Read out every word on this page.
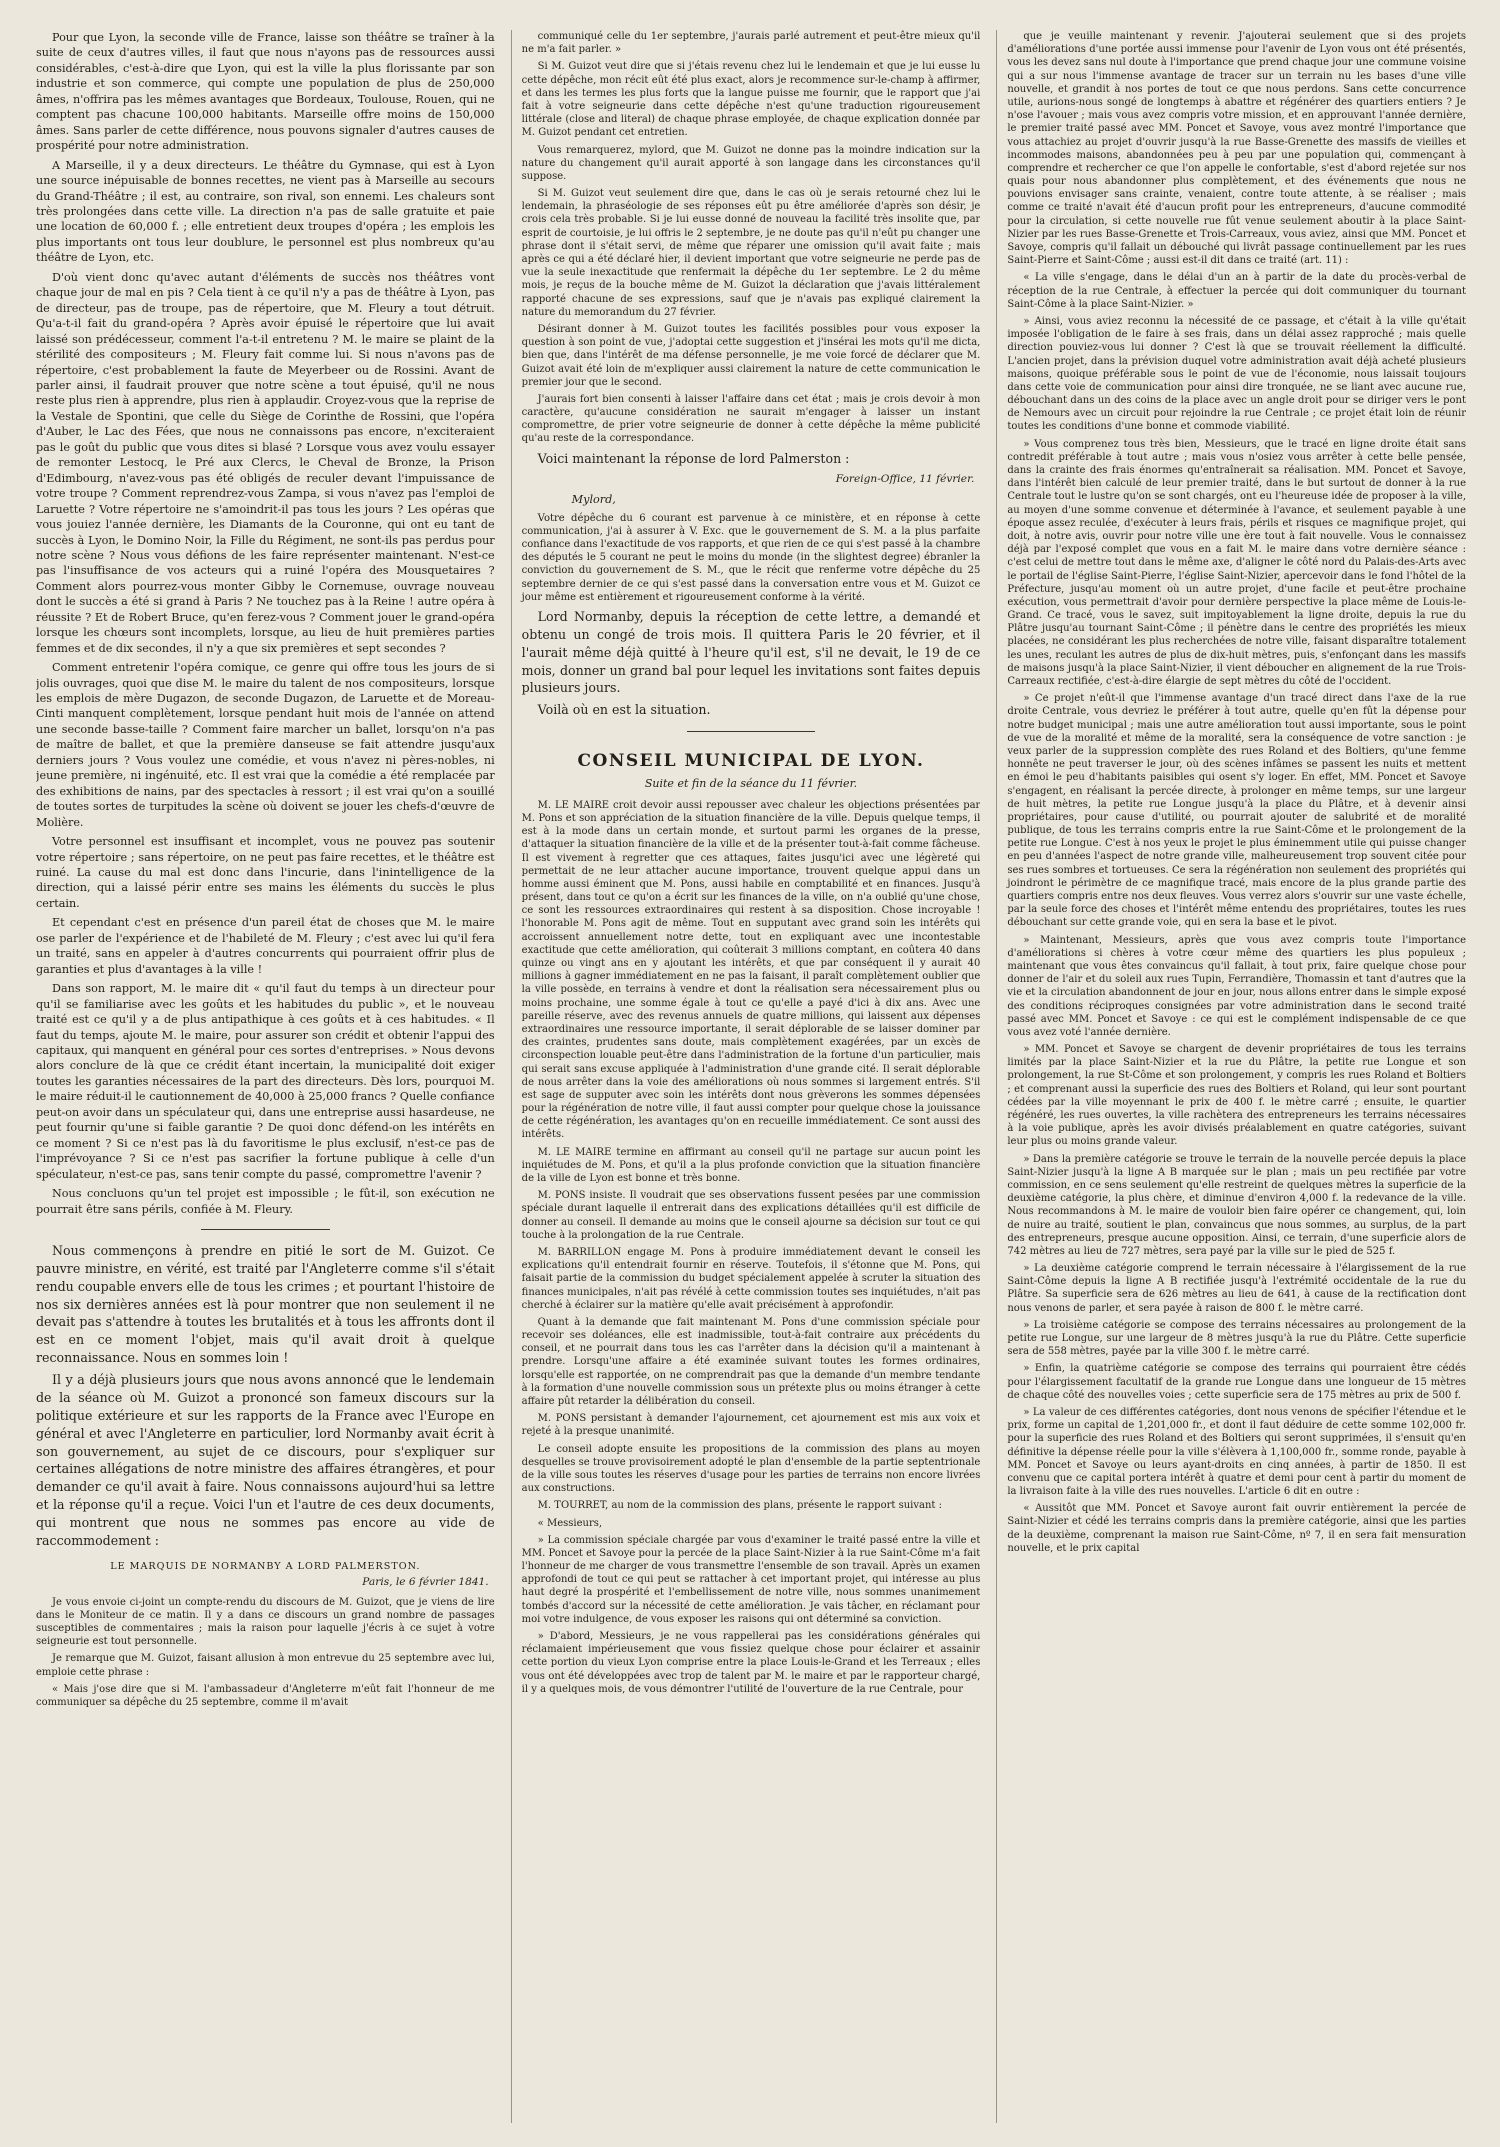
Pour que Lyon, la seconde ville de France, laisse son théâtre se traîner à la suite de ceux d'autres villes, il faut que nous n'ayons pas de ressources aussi considérables, c'est-à-dire que Lyon, qui est la ville la plus florissante par son industrie et son commerce, qui compte une population de plus de 250,000 âmes, n'offrira pas les mêmes avantages que Bordeaux, Toulouse, Rouen, qui ne comptent pas chacune 100,000 habitants. Marseille offre moins de 150,000 âmes. Sans parler de cette différence, nous pouvons signaler d'autres causes de prospérité pour notre administration.

A Marseille, il y a deux directeurs. Le théâtre du Gymnase, qui est à Lyon une source inépuisable de bonnes recettes, ne vient pas à Marseille au secours du Grand-Théâtre ; il est, au contraire, son rival, son ennemi. Les chaleurs sont très prolongées dans cette ville. La direction n'a pas de salle gratuite et paie une location de 60,000 f. ; elle entretient deux troupes d'opéra ; les emplois les plus importants ont tous leur doublure, le personnel est plus nombreux qu'au théâtre de Lyon, etc.

D'où vient donc qu'avec autant d'éléments de succès nos théâtres vont chaque jour de mal en pis ? Cela tient à ce qu'il n'y a pas de théâtre à Lyon, pas de directeur, pas de troupe, pas de répertoire, que M. Fleury a tout détruit. Qu'a-t-il fait du grand-opéra ? Après avoir épuisé le répertoire que lui avait laissé son prédécesseur, comment l'a-t-il entretenu ? M. le maire se plaint de la stérilité des compositeurs ; M. Fleury fait comme lui. Si nous n'avons pas de répertoire, c'est probablement la faute de Meyerbeer ou de Rossini. Avant de parler ainsi, il faudrait prouver que notre scène a tout épuisé, qu'il ne nous reste plus rien à apprendre, plus rien à applaudir. Croyez-vous que la reprise de la Vestale de Spontini, que celle du Siège de Corinthe de Rossini, que l'opéra d'Auber, le Lac des Fées, que nous ne connaissons pas encore, n'exciteraient pas le goût du public que vous dites si blasé ? Lorsque vous avez voulu essayer de remonter Lestocq, le Pré aux Clercs, le Cheval de Bronze, la Prison d'Edimbourg, n'avez-vous pas été obligés de reculer devant l'impuissance de votre troupe ? Comment reprendrez-vous Zampa, si vous n'avez pas l'emploi de Laruette ? Votre répertoire ne s'amoindrit-il pas tous les jours ? Les opéras que vous jouiez l'année dernière, les Diamants de la Couronne, qui ont eu tant de succès à Lyon, le Domino Noir, la Fille du Régiment, ne sont-ils pas perdus pour notre scène ? Nous vous défions de les faire représenter maintenant. N'est-ce pas l'insuffisance de vos acteurs qui a ruiné l'opéra des Mousquetaires ? Comment alors pourrez-vous monter Gibby le Cornemuse, ouvrage nouveau dont le succès a été si grand à Paris ? Ne touchez pas à la Reine ! autre opéra à réussite ? Et de Robert Bruce, qu'en ferez-vous ? Comment jouer le grand-opéra lorsque les chœurs sont incomplets, lorsque, au lieu de huit premières parties femmes et de dix secondes, il n'y a que six premières et sept secondes ?

Comment entretenir l'opéra comique, ce genre qui offre tous les jours de si jolis ouvrages, quoi que dise M. le maire du talent de nos compositeurs, lorsque les emplois de mère Dugazon, de seconde Dugazon, de Laruette et de Moreau-Cinti manquent complètement, lorsque pendant huit mois de l'année on attend une seconde basse-taille ? Comment faire marcher un ballet, lorsqu'on n'a pas de maître de ballet, et que la première danseuse se fait attendre jusqu'aux derniers jours ? Vous voulez une comédie, et vous n'avez ni pères-nobles, ni jeune première, ni ingénuité, etc. Il est vrai que la comédie a été remplacée par des exhibitions de nains, par des spectacles à ressort ; il est vrai qu'on a souillé de toutes sortes de turpitudes la scène où doivent se jouer les chefs-d'œuvre de Molière.

Votre personnel est insuffisant et incomplet, vous ne pouvez pas soutenir votre répertoire ; sans répertoire, on ne peut pas faire recettes, et le théâtre est ruiné. La cause du mal est donc dans l'incurie, dans l'inintelligence de la direction, qui a laissé périr entre ses mains les éléments du succès le plus certain.

Et cependant c'est en présence d'un pareil état de choses que M. le maire ose parler de l'expérience et de l'habileté de M. Fleury ; c'est avec lui qu'il fera un traité, sans en appeler à d'autres concurrents qui pourraient offrir plus de garanties et plus d'avantages à la ville !

Dans son rapport, M. le maire dit « qu'il faut du temps à un directeur pour qu'il se familiarise avec les goûts et les habitudes du public », et le nouveau traité est ce qu'il y a de plus antipathique à ces goûts et à ces habitudes. « Il faut du temps, ajoute M. le maire, pour assurer son crédit et obtenir l'appui des capitaux, qui manquent en général pour ces sortes d'entreprises. » Nous devons alors conclure de là que ce crédit étant incertain, la municipalité doit exiger toutes les garanties nécessaires de la part des directeurs. Dès lors, pourquoi M. le maire réduit-il le cautionnement de 40,000 à 25,000 francs ? Quelle confiance peut-on avoir dans un spéculateur qui, dans une entreprise aussi hasardeuse, ne peut fournir qu'une si faible garantie ? De quoi donc défend-on les intérêts en ce moment ? Si ce n'est pas là du favoritisme le plus exclusif, n'est-ce pas de l'imprévoyance ? Si ce n'est pas sacrifier la fortune publique à celle d'un spéculateur, n'est-ce pas, sans tenir compte du passé, compromettre l'avenir ?

Nous concluons qu'un tel projet est impossible ; le fût-il, son exécution ne pourrait être sans périls, confiée à M. Fleury.

Nous commençons à prendre en pitié le sort de M. Guizot. Ce pauvre ministre, en vérité, est traité par l'Angleterre comme s'il s'était rendu coupable envers elle de tous les crimes ; et pourtant l'histoire de nos six dernières années est là pour montrer que non seulement il ne devait pas s'attendre à toutes les brutalités et à tous les affronts dont il est en ce moment l'objet, mais qu'il avait droit à quelque reconnaissance. Nous en sommes loin !

Il y a déjà plusieurs jours que nous avons annoncé que le lendemain de la séance où M. Guizot a prononcé son fameux discours sur la politique extérieure et sur les rapports de la France avec l'Europe en général et avec l'Angleterre en particulier, lord Normanby avait écrit à son gouvernement, au sujet de ce discours, pour s'expliquer sur certaines allégations de notre ministre des affaires étrangères, et pour demander ce qu'il avait à faire. Nous connaissons aujourd'hui sa lettre et la réponse qu'il a reçue. Voici l'un et l'autre de ces deux documents, qui montrent que nous ne sommes pas encore au vide de raccommodement :

LE MARQUIS DE NORMANBY A LORD PALMERSTON.
Paris, le 6 février 1841.

Je vous envoie ci-joint un compte-rendu du discours de M. Guizot, que je viens de lire dans le Moniteur de ce matin. Il y a dans ce discours un grand nombre de passages susceptibles de commentaires ; mais la raison pour laquelle j'écris à ce sujet à votre seigneurie est tout personnelle.

Je remarque que M. Guizot, faisant allusion à mon entrevue du 25 septembre avec lui, emploie cette phrase :

« Mais j'ose dire que si M. l'ambassadeur d'Angleterre m'eût fait l'honneur de me communiquer sa dépêche du 25 septembre, comme il m'avait

communiqué celle du 1er septembre, j'aurais parlé autrement et peut-être mieux qu'il ne m'a fait parler. »

Si M. Guizot veut dire que si j'étais revenu chez lui le lendemain et que je lui eusse lu cette dépêche, mon récit eût été plus exact, alors je recommence sur-le-champ à affirmer, et dans les termes les plus forts que la langue puisse me fournir, que le rapport que j'ai fait à votre seigneurie dans cette dépêche n'est qu'une traduction rigoureusement littérale (close and literal) de chaque phrase employée, de chaque explication donnée par M. Guizot pendant cet entretien.

Vous remarquerez, mylord, que M. Guizot ne donne pas la moindre indication sur la nature du changement qu'il aurait apporté à son langage dans les circonstances qu'il suppose.

Si M. Guizot veut seulement dire que, dans le cas où je serais retourné chez lui le lendemain, la phraséologie de ses réponses eût pu être améliorée d'après son désir, je crois cela très probable. Si je lui eusse donné de nouveau la facilité très insolite que, par esprit de courtoisie, je lui offris le 2 septembre, je ne doute pas qu'il n'eût pu changer une phrase dont il s'était servi, de même que réparer une omission qu'il avait faite ; mais après ce qui a été déclaré hier, il devient important que votre seigneurie ne perde pas de vue la seule inexactitude que renfermait la dépêche du 1er septembre. Le 2 du même mois, je reçus de la bouche même de M. Guizot la déclaration que j'avais littéralement rapporté chacune de ses expressions, sauf que je n'avais pas expliqué clairement la nature du memorandum du 27 février.

Désirant donner à M. Guizot toutes les facilités possibles pour vous exposer la question à son point de vue, j'adoptai cette suggestion et j'insérai les mots qu'il me dicta, bien que, dans l'intérêt de ma défense personnelle, je me voie forcé de déclarer que M. Guizot avait été loin de m'expliquer aussi clairement la nature de cette communication le premier jour que le second.

J'aurais fort bien consenti à laisser l'affaire dans cet état ; mais je crois devoir à mon caractère, qu'aucune considération ne saurait m'engager à laisser un instant compromettre, de prier votre seigneurie de donner à cette dépêche la même publicité qu'au reste de la correspondance.

Voici maintenant la réponse de lord Palmerston :

Foreign-Office, 11 février.

Mylord,

Votre dépêche du 6 courant est parvenue à ce ministère, et en réponse à cette communication, j'ai à assurer à V. Exc. que le gouvernement de S. M. a la plus parfaite confiance dans l'exactitude de vos rapports, et que rien de ce qui s'est passé à la chambre des députés le 5 courant ne peut le moins du monde (in the slightest degree) ébranler la conviction du gouvernement de S. M., que le récit que renferme votre dépêche du 25 septembre dernier de ce qui s'est passé dans la conversation entre vous et M. Guizot ce jour même est entièrement et rigoureusement conforme à la vérité.

Lord Normanby, depuis la réception de cette lettre, a demandé et obtenu un congé de trois mois. Il quittera Paris le 20 février, et il l'aurait même déjà quitté à l'heure qu'il est, s'il ne devait, le 19 de ce mois, donner un grand bal pour lequel les invitations sont faites depuis plusieurs jours.

Voilà où en est la situation.

CONSEIL MUNICIPAL DE LYON.
Suite et fin de la séance du 11 février.

M. LE MAIRE croit devoir aussi repousser avec chaleur les objections présentées par M. Pons et son appréciation de la situation financière de la ville. Depuis quelque temps, il est à la mode dans un certain monde, et surtout parmi les organes de la presse, d'attaquer la situation financière de la ville et de la présenter tout-à-fait comme fâcheuse. Il est vivement à regretter que ces attaques, faites jusqu'ici avec une légèreté qui permettait de ne leur attacher aucune importance, trouvent quelque appui dans un homme aussi éminent que M. Pons, aussi habile en comptabilité et en finances. Jusqu'à présent, dans tout ce qu'on a écrit sur les finances de la ville, on n'a oublié qu'une chose, ce sont les ressources extraordinaires qui restent à sa disposition. Chose incroyable ! l'honorable M. Pons agit de même. Tout en supputant avec grand soin les intérêts qui accroissent annuellement notre dette, tout en expliquant avec une incontestable exactitude que cette amélioration, qui coûterait 3 millions comptant, en coûtera 40 dans quinze ou vingt ans en y ajoutant les intérêts, et que par conséquent il y aurait 40 millions à gagner immédiatement en ne pas la faisant, il paraît complètement oublier que la ville possède, en terrains à vendre et dont la réalisation sera nécessairement plus ou moins prochaine, une somme égale à tout ce qu'elle a payé d'ici à dix ans. Avec une pareille réserve, avec des revenus annuels de quatre millions, qui laissent aux dépenses extraordinaires une ressource importante, il serait déplorable de se laisser dominer par des craintes, prudentes sans doute, mais complètement exagérées, par un excès de circonspection louable peut-être dans l'administration de la fortune d'un particulier, mais qui serait sans excuse appliquée à l'administration d'une grande cité. Il serait déplorable de nous arrêter dans la voie des améliorations où nous sommes si largement entrés. S'il est sage de supputer avec soin les intérêts dont nous grèverons les sommes dépensées pour la régénération de notre ville, il faut aussi compter pour quelque chose la jouissance de cette régénération, les avantages qu'on en recueille immédiatement. Ce sont aussi des intérêts.

M. LE MAIRE termine en affirmant au conseil qu'il ne partage sur aucun point les inquiétudes de M. Pons, et qu'il a la plus profonde conviction que la situation financière de la ville de Lyon est bonne et très bonne.

M. PONS insiste. Il voudrait que ses observations fussent pesées par une commission spéciale durant laquelle il entrerait dans des explications détaillées qu'il est difficile de donner au conseil. Il demande au moins que le conseil ajourne sa décision sur tout ce qui touche à la prolongation de la rue Centrale.

M. BARRILLON engage M. Pons à produire immédiatement devant le conseil les explications qu'il entendrait fournir en réserve. Toutefois, il s'étonne que M. Pons, qui faisait partie de la commission du budget spécialement appelée à scruter la situation des finances municipales, n'ait pas révélé à cette commission toutes ses inquiétudes, n'ait pas cherché à éclairer sur la matière qu'elle avait précisément à approfondir.

Quant à la demande que fait maintenant M. Pons d'une commission spéciale pour recevoir ses doléances, elle est inadmissible, tout-à-fait contraire aux précédents du conseil, et ne pourrait dans tous les cas l'arrêter dans la décision qu'il a maintenant à prendre. Lorsqu'une affaire a été examinée suivant toutes les formes ordinaires, lorsqu'elle est rapportée, on ne comprendrait pas que la demande d'un membre tendante à la formation d'une nouvelle commission sous un prétexte plus ou moins étranger à cette affaire pût retarder la délibération du conseil.

M. PONS persistant à demander l'ajournement, cet ajournement est mis aux voix et rejeté à la presque unanimité.

Le conseil adopte ensuite les propositions de la commission des plans au moyen desquelles se trouve provisoirement adopté le plan d'ensemble de la partie septentrionale de la ville sous toutes les réserves d'usage pour les parties de terrains non encore livrées aux constructions.

M. TOURRET, au nom de la commission des plans, présente le rapport suivant :

« Messieurs,

» La commission spéciale chargée par vous d'examiner le traité passé entre la ville et MM. Poncet et Savoye pour la percée de la place Saint-Nizier à la rue Saint-Côme m'a fait l'honneur de me charger de vous transmettre l'ensemble de son travail. Après un examen approfondi de tout ce qui peut se rattacher à cet important projet, qui intéresse au plus haut degré la prospérité et l'embellissement de notre ville, nous sommes unanimement tombés d'accord sur la nécessité de cette amélioration. Je vais tâcher, en réclamant pour moi votre indulgence, de vous exposer les raisons qui ont déterminé sa conviction.

» D'abord, Messieurs, je ne vous rappellerai pas les considérations générales qui réclamaient impérieusement que vous fissiez quelque chose pour éclairer et assainir cette portion du vieux Lyon comprise entre la place Louis-le-Grand et les Terreaux ; elles vous ont été développées avec trop de talent par M. le maire et par le rapporteur chargé, il y a quelques mois, de vous démontrer l'utilité de l'ouverture de la rue Centrale, pour

que je veuille maintenant y revenir. J'ajouterai seulement que si des projets d'améliorations d'une portée aussi immense pour l'avenir de Lyon vous ont été présentés, vous les devez sans nul doute à l'importance que prend chaque jour une commune voisine qui a sur nous l'immense avantage de tracer sur un terrain nu les bases d'une ville nouvelle, et grandit à nos portes de tout ce que nous perdons. Sans cette concurrence utile, aurions-nous songé de longtemps à abattre et régénérer des quartiers entiers ? Je n'ose l'avouer ; mais vous avez compris votre mission, et en approuvant l'année dernière, le premier traité passé avec MM. Poncet et Savoye, vous avez montré l'importance que vous attachiez au projet d'ouvrir jusqu'à la rue Basse-Grenette des massifs de vieilles et incommodes maisons, abandonnées peu à peu par une population qui, commençant à comprendre et rechercher ce que l'on appelle le confortable, s'est d'abord rejetée sur nos quais pour nous abandonner plus complètement, et des événements que nous ne pouvions envisager sans crainte, venaient, contre toute attente, à se réaliser ; mais comme ce traité n'avait été d'aucun profit pour les entrepreneurs, d'aucune commodité pour la circulation, si cette nouvelle rue fût venue seulement aboutir à la place Saint-Nizier par les rues Basse-Grenette et Trois-Carreaux, vous aviez, ainsi que MM. Poncet et Savoye, compris qu'il fallait un débouché qui livrât passage continuellement par les rues Saint-Pierre et Saint-Côme ; aussi est-il dit dans ce traité (art. 11) :

« La ville s'engage, dans le délai d'un an à partir de la date du procès-verbal de réception de la rue Centrale, à effectuer la percée qui doit communiquer du tournant Saint-Côme à la place Saint-Nizier. »

» Ainsi, vous aviez reconnu la nécessité de ce passage, et c'était à la ville qu'était imposée l'obligation de le faire à ses frais, dans un délai assez rapproché ; mais quelle direction pouviez-vous lui donner ? C'est là que se trouvait réellement la difficulté. L'ancien projet, dans la prévision duquel votre administration avait déjà acheté plusieurs maisons, quoique préférable sous le point de vue de l'économie, nous laissait toujours dans cette voie de communication pour ainsi dire tronquée, ne se liant avec aucune rue, débouchant dans un des coins de la place avec un angle droit pour se diriger vers le pont de Nemours avec un circuit pour rejoindre la rue Centrale ; ce projet était loin de réunir toutes les conditions d'une bonne et commode viabilité.

» Vous comprenez tous très bien, Messieurs, que le tracé en ligne droite était sans contredit préférable à tout autre ; mais vous n'osiez vous arrêter à cette belle pensée, dans la crainte des frais énormes qu'entraînerait sa réalisation. MM. Poncet et Savoye, dans l'intérêt bien calculé de leur premier traité, dans le but surtout de donner à la rue Centrale tout le lustre qu'on se sont chargés, ont eu l'heureuse idée de proposer à la ville, au moyen d'une somme convenue et déterminée à l'avance, et seulement payable à une époque assez reculée, d'exécuter à leurs frais, périls et risques ce magnifique projet, qui doit, à notre avis, ouvrir pour notre ville une ère tout à fait nouvelle. Vous le connaissez déjà par l'exposé complet que vous en a fait M. le maire dans votre dernière séance : c'est celui de mettre tout dans le même axe, d'aligner le côté nord du Palais-des-Arts avec le portail de l'église Saint-Pierre, l'église Saint-Nizier, apercevoir dans le fond l'hôtel de la Préfecture, jusqu'au moment où un autre projet, d'une facile et peut-être prochaine exécution, vous permettrait d'avoir pour dernière perspective la place même de Louis-le-Grand. Ce tracé, vous le savez, suit impitoyablement la ligne droite, depuis la rue du Plâtre jusqu'au tournant Saint-Côme ; il pénètre dans le centre des propriétés les mieux placées, ne considérant les plus recherchées de notre ville, faisant disparaître totalement les unes, reculant les autres de plus de dix-huit mètres, puis, s'enfonçant dans les massifs de maisons jusqu'à la place Saint-Nizier, il vient déboucher en alignement de la rue Trois-Carreaux rectifiée, c'est-à-dire élargie de sept mètres du côté de l'occident.

» Ce projet n'eût-il que l'immense avantage d'un tracé direct dans l'axe de la rue droite Centrale, vous devriez le préférer à tout autre, quelle qu'en fût la dépense pour notre budget municipal ; mais une autre amélioration tout aussi importante, sous le point de vue de la moralité et même de la moralité, sera la conséquence de votre sanction : je veux parler de la suppression complète des rues Roland et des Boltiers, qu'une femme honnête ne peut traverser le jour, où des scènes infâmes se passent les nuits et mettent en émoi le peu d'habitants paisibles qui osent s'y loger. En effet, MM. Poncet et Savoye s'engagent, en réalisant la percée directe, à prolonger en même temps, sur une largeur de huit mètres, la petite rue Longue jusqu'à la place du Plâtre, et à devenir ainsi propriétaires, pour cause d'utilité, ou pourrait ajouter de salubrité et de moralité publique, de tous les terrains compris entre la rue Saint-Côme et le prolongement de la petite rue Longue. C'est à nos yeux le projet le plus éminemment utile qui puisse changer en peu d'années l'aspect de notre grande ville, malheureusement trop souvent citée pour ses rues sombres et tortueuses. Ce sera la régénération non seulement des propriétés qui joindront le périmètre de ce magnifique tracé, mais encore de la plus grande partie des quartiers compris entre nos deux fleuves. Vous verrez alors s'ouvrir sur une vaste échelle, par la seule force des choses et l'intérêt même entendu des propriétaires, toutes les rues débouchant sur cette grande voie, qui en sera la base et le pivot.

» Maintenant, Messieurs, après que vous avez compris toute l'importance d'améliorations si chères à votre cœur même des quartiers les plus populeux ; maintenant que vous êtes convaincus qu'il fallait, à tout prix, faire quelque chose pour donner de l'air et du soleil aux rues Tupin, Ferrandière, Thomassin et tant d'autres que la vie et la circulation abandonnent de jour en jour, nous allons entrer dans le simple exposé des conditions réciproques consignées par votre administration dans le second traité passé avec MM. Poncet et Savoye : ce qui est le complément indispensable de ce que vous avez voté l'année dernière.

» MM. Poncet et Savoye se chargent de devenir propriétaires de tous les terrains limités par la place Saint-Nizier et la rue du Plâtre, la petite rue Longue et son prolongement, la rue St-Côme et son prolongement, y compris les rues Roland et Boltiers ; et comprenant aussi la superficie des rues des Boltiers et Roland, qui leur sont pourtant cédées par la ville moyennant le prix de 400 f. le mètre carré ; ensuite, le quartier régénéré, les rues ouvertes, la ville rachètera des entrepreneurs les terrains nécessaires à la voie publique, après les avoir divisés préalablement en quatre catégories, suivant leur plus ou moins grande valeur.

» Dans la première catégorie se trouve le terrain de la nouvelle percée depuis la place Saint-Nizier jusqu'à la ligne A B marquée sur le plan ; mais un peu rectifiée par votre commission, en ce sens seulement qu'elle restreint de quelques mètres la superficie de la deuxième catégorie, la plus chère, et diminue d'environ 4,000 f. la redevance de la ville. Nous recommandons à M. le maire de vouloir bien faire opérer ce changement, qui, loin de nuire au traité, soutient le plan, convaincus que nous sommes, au surplus, de la part des entrepreneurs, presque aucune opposition. Ainsi, ce terrain, d'une superficie alors de 742 mètres au lieu de 727 mètres, sera payé par la ville sur le pied de 525 f.

» La deuxième catégorie comprend le terrain nécessaire à l'élargissement de la rue Saint-Côme depuis la ligne A B rectifiée jusqu'à l'extrémité occidentale de la rue du Plâtre. Sa superficie sera de 626 mètres au lieu de 641, à cause de la rectification dont nous venons de parler, et sera payée à raison de 800 f. le mètre carré.

» La troisième catégorie se compose des terrains nécessaires au prolongement de la petite rue Longue, sur une largeur de 8 mètres jusqu'à la rue du Plâtre. Cette superficie sera de 558 mètres, payée par la ville 300 f. le mètre carré.

» Enfin, la quatrième catégorie se compose des terrains qui pourraient être cédés pour l'élargissement facultatif de la grande rue Longue dans une longueur de 15 mètres de chaque côté des nouvelles voies ; cette superficie sera de 175 mètres au prix de 500 f.

» La valeur de ces différentes catégories, dont nous venons de spécifier l'étendue et le prix, forme un capital de 1,201,000 fr., et dont il faut déduire de cette somme 102,000 fr. pour la superficie des rues Roland et des Boltiers qui seront supprimées, il s'ensuit qu'en définitive la dépense réelle pour la ville s'élèvera à 1,100,000 fr., somme ronde, payable à MM. Poncet et Savoye ou leurs ayant-droits en cinq années, à partir de 1850. Il est convenu que ce capital portera intérêt à quatre et demi pour cent à partir du moment de la livraison faite à la ville des rues nouvelles. L'article 6 dit en outre :

« Aussitôt que MM. Poncet et Savoye auront fait ouvrir entièrement la percée de Saint-Nizier et cédé les terrains compris dans la première catégorie, ainsi que les parties de la deuxième, comprenant la maison rue Saint-Côme, nº 7, il en sera fait mensuration nouvelle, et le prix capital
